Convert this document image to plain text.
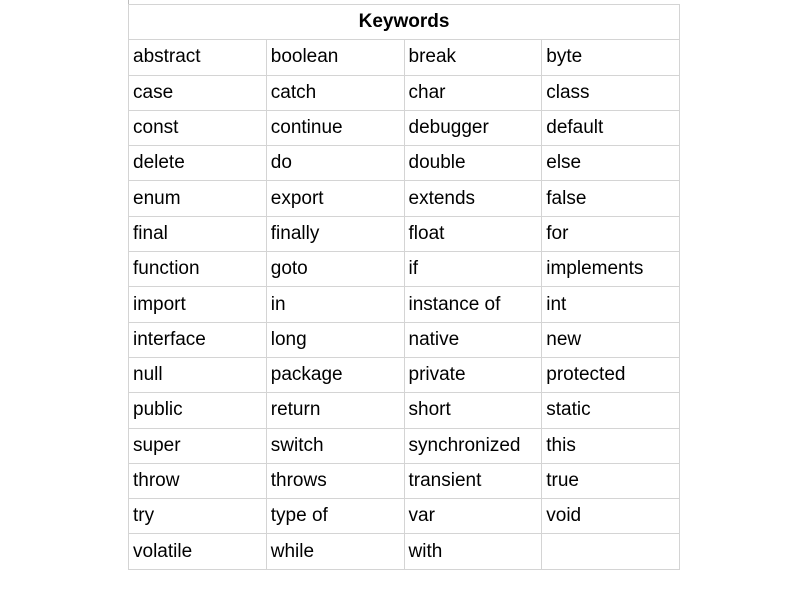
Keywords			
abstract	boolean	break	byte
case	catch	char	class
const	continue	debugger	default
delete	do	double	else
enum	export	extends	false
final	finally	float	for
function	goto	if	implements
import	in	instance of	int
interface	long	native	new
null	package	private	protected
public	return	short	static
super	switch	synchronized	this
throw	throws	transient	true
try	type of	var	void
volatile	while	with	
